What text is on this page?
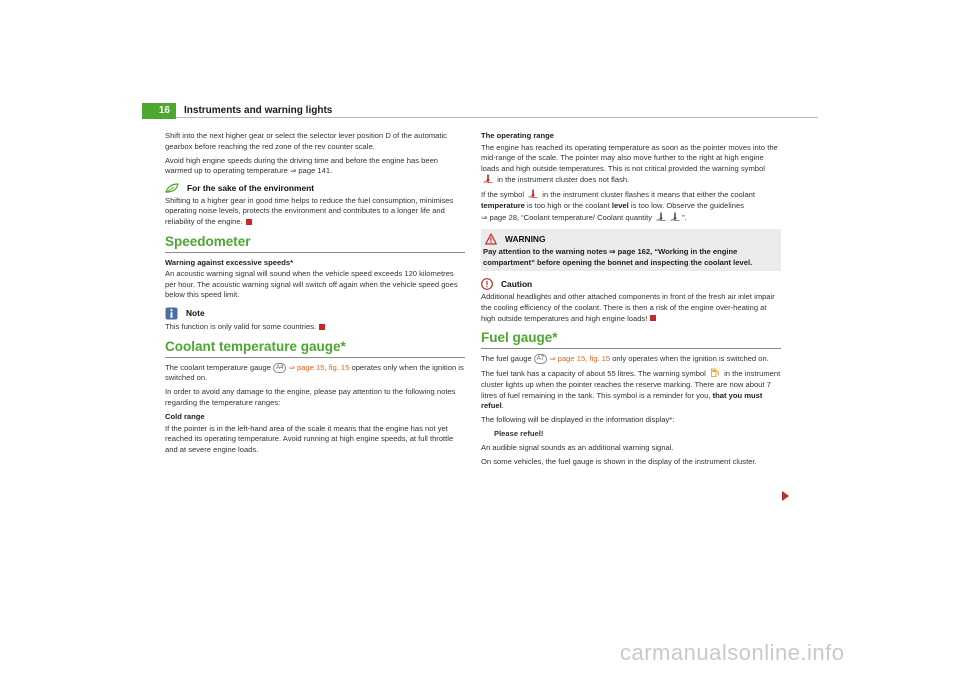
16	Instruments and warning lights

Shift into the next higher gear or select the selector lever position D of the automatic gearbox before reaching the red zone of the rev counter scale.

Avoid high engine speeds during the driving time and before the engine has been warmed up to operating temperature ⇒ page 141.

For the sake of the environment

Shifting to a higher gear in good time helps to reduce the fuel consumption, minimises operating noise levels, protects the environment and contributes to a longer life and reliability of the engine.

Speedometer
Warning against excessive speeds*

An acoustic warning signal will sound when the vehicle speed exceeds 120 kilometres per hour. The acoustic warning signal will switch off again when the vehicle speed goes below this speed limit.

Note

This function is only valid for some countries.

Coolant temperature gauge*

The coolant temperature gauge A4 ⇒ page 15, fig. 15 operates only when the ignition is switched on.

In order to avoid any damage to the engine, please pay attention to the following notes regarding the temperature ranges:

Cold range

If the pointer is in the left-hand area of the scale it means that the engine has not yet reached its operating temperature. Avoid running at high engine speeds, at full throttle and at severe engine loads.

The operating range

The engine has reached its operating temperature as soon as the pointer moves into the mid-range of the scale. The pointer may also move further to the right at high engine loads and high outside temperatures. This is not critical provided the warning symbol  in the instrument cluster does not flash.

If the symbol  in the instrument cluster flashes it means that either the coolant temperature is too high or the coolant level is too low. Observe the guidelines
⇒ page 28, “Coolant temperature/ Coolant quantity	”.

WARNING
Pay attention to the warning notes ⇒ page 162, “Working in the engine compartment” before opening the bonnet and inspecting the coolant level.
Caution

Additional headlights and other attached components in front of the fresh air inlet impair the cooling efficiency of the coolant. There is then a risk of the engine over-heating at high outside temperatures and high engine loads!

Fuel gauge*

The fuel gauge A7 ⇒ page 15, fig. 15 only operates when the ignition is switched on.

The fuel tank has a capacity of about 55 litres. The warning symbol  in the instrument cluster lights up when the pointer reaches the reserve marking. There are now about 7 litres of fuel remaining in the tank. This symbol is a reminder for you, that you must refuel.

The following will be displayed in the information display*:

Please refuel!

An audible signal sounds as an additional warning signal.

On some vehicles, the fuel gauge is shown in the display of the instrument cluster.

carmanualsonline.info
